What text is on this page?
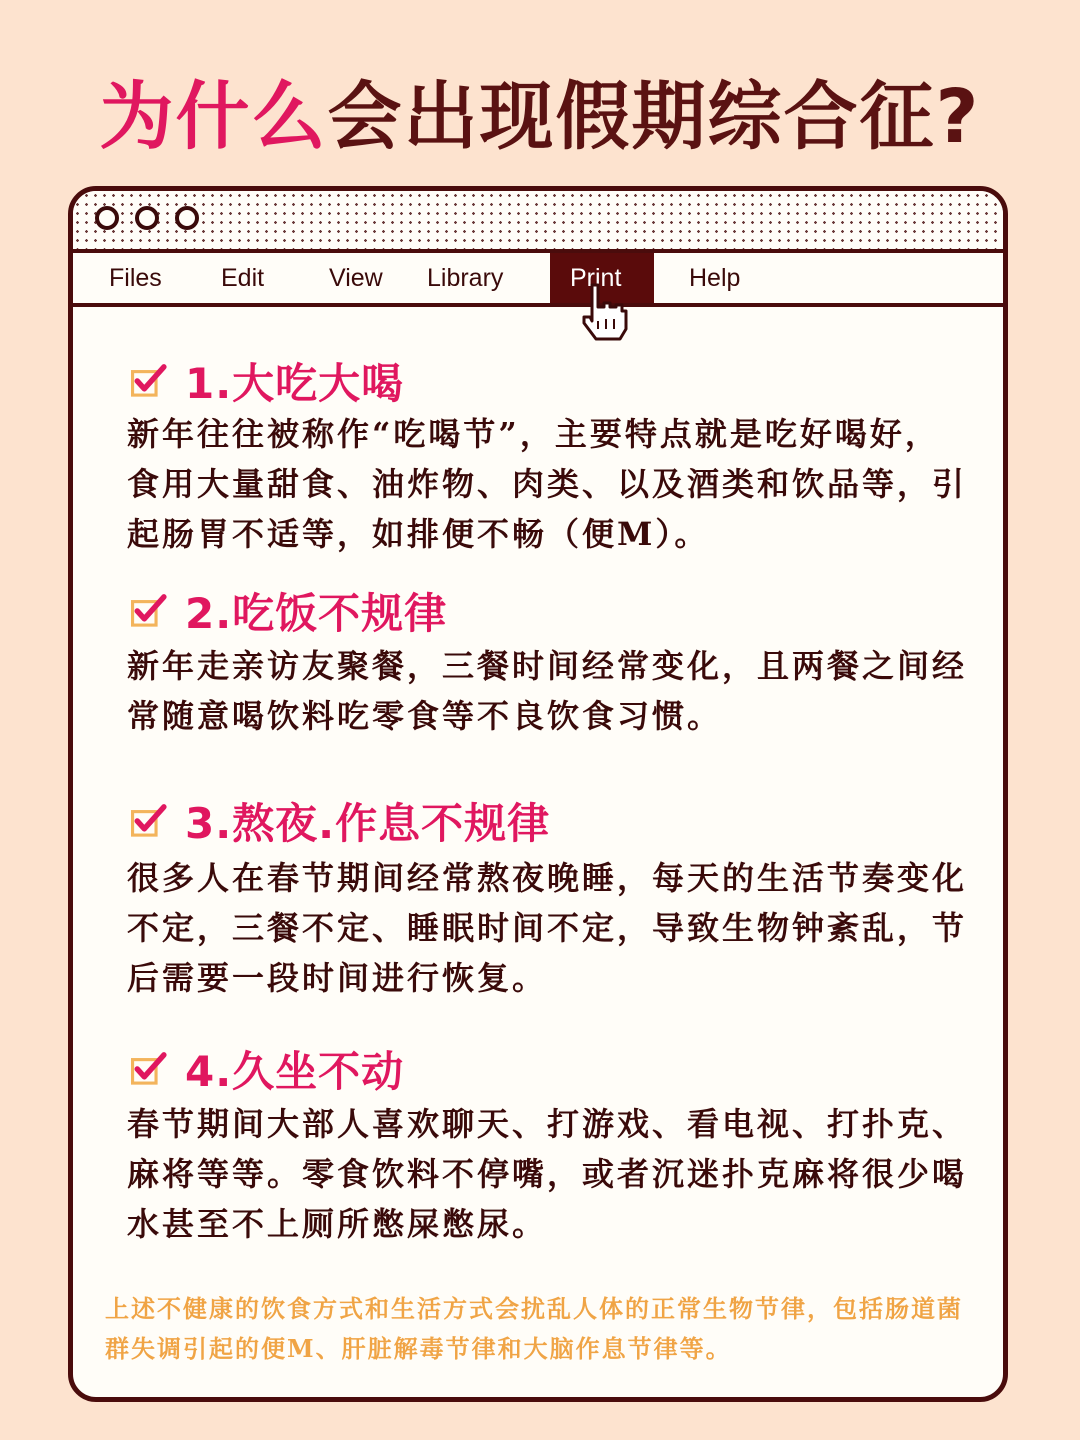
为什么会出现假期综合征?
Files	Edit	View	Library	Print	Help
1.大吃大喝
新年往往被称作“吃喝节”，主要特点就是吃好喝好，食用大量甜食、油炸物、肉类、以及酒类和饮品等，引起肠胃不适等，如排便不畅（便M）。
2.吃饭不规律
新年走亲访友聚餐，三餐时间经常变化，且两餐之间经常随意喝饮料吃零食等不良饮食习惯。
3.熬夜.作息不规律
很多人在春节期间经常熬夜晚睡，每天的生活节奏变化不定，三餐不定、睡眠时间不定，导致生物钟紊乱，节后需要一段时间进行恢复。
4.久坐不动
春节期间大部人喜欢聊天、打游戏、看电视、打扑克、麻将等等。零食饮料不停嘴，或者沉迷扑克麻将很少喝水甚至不上厕所憋屎憋尿。
上述不健康的饮食方式和生活方式会扰乱人体的正常生物节律，包括肠道菌群失调引起的便M、肝脏解毒节律和大脑作息节律等。
